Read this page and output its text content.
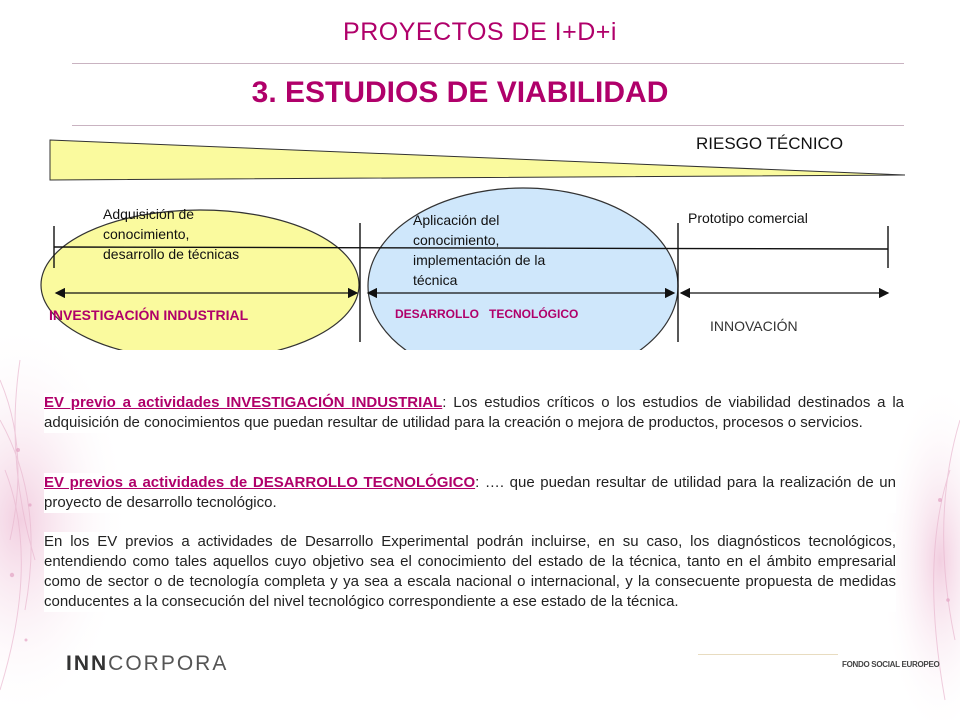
PROYECTOS DE I+D+i
3. ESTUDIOS DE VIABILIDAD
RIESGO TÉCNICO
Adquisición de
conocimiento,
desarrollo de técnicas
Aplicación del
conocimiento,
implementación de la
técnica
Prototipo comercial
INVESTIGACIÓN INDUSTRIAL	DESARROLLO   TECNOLÓGICO
INNOVACIÓN
EV previo a actividades INVESTIGACIÓN INDUSTRIAL: Los estudios críticos o los estudios de viabilidad destinados a la adquisición de conocimientos que puedan resultar de utilidad para la creación o mejora de productos, procesos o servicios.
EV previos a actividades de DESARROLLO TECNOLÓGICO: …. que puedan resultar de utilidad para la realización de un proyecto de desarrollo tecnológico.
En los EV previos a actividades de Desarrollo Experimental podrán incluirse, en su caso, los diagnósticos tecnológicos, entendiendo como tales aquellos cuyo objetivo sea el conocimiento del estado de la técnica, tanto en el ámbito empresarial como de sector o de tecnología completa y ya sea a escala nacional o internacional, y la consecuente propuesta de medidas conducentes a la consecución del nivel tecnológico correspondiente a ese estado de la técnica.
INNCORPORA	FONDO SOCIAL EUROPEO
